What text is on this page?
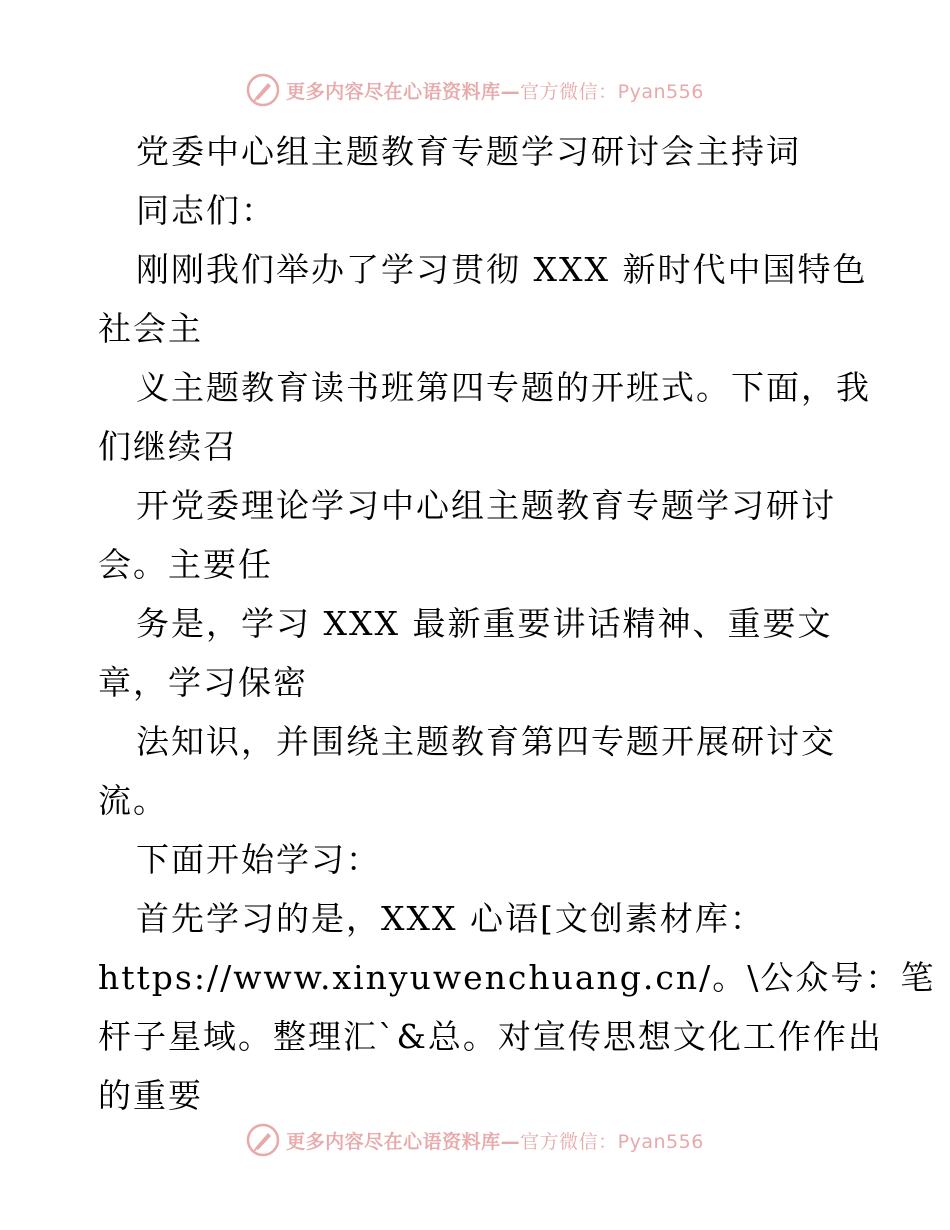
更多内容尽在心语资料库—官方微信：Pyan556
党委中心组主题教育专题学习研讨会主持词
同志们：
刚刚我们举办了学习贯彻 XXX 新时代中国特色
社会主
义主题教育读书班第四专题的开班式。下面，我
们继续召
开党委理论学习中心组主题教育专题学习研讨
会。主要任
务是，学习 XXX 最新重要讲话精神、重要文
章，学习保密
法知识，并围绕主题教育第四专题开展研讨交
流。
下面开始学习：
首先学习的是，XXX 心语[文创素材库：
https://www.xinyuwenchuang.cn/。\公众号：笔
杆子星域。整理汇`&总。对宣传思想文化工作作出
的重要
更多内容尽在心语资料库—官方微信：Pyan556
